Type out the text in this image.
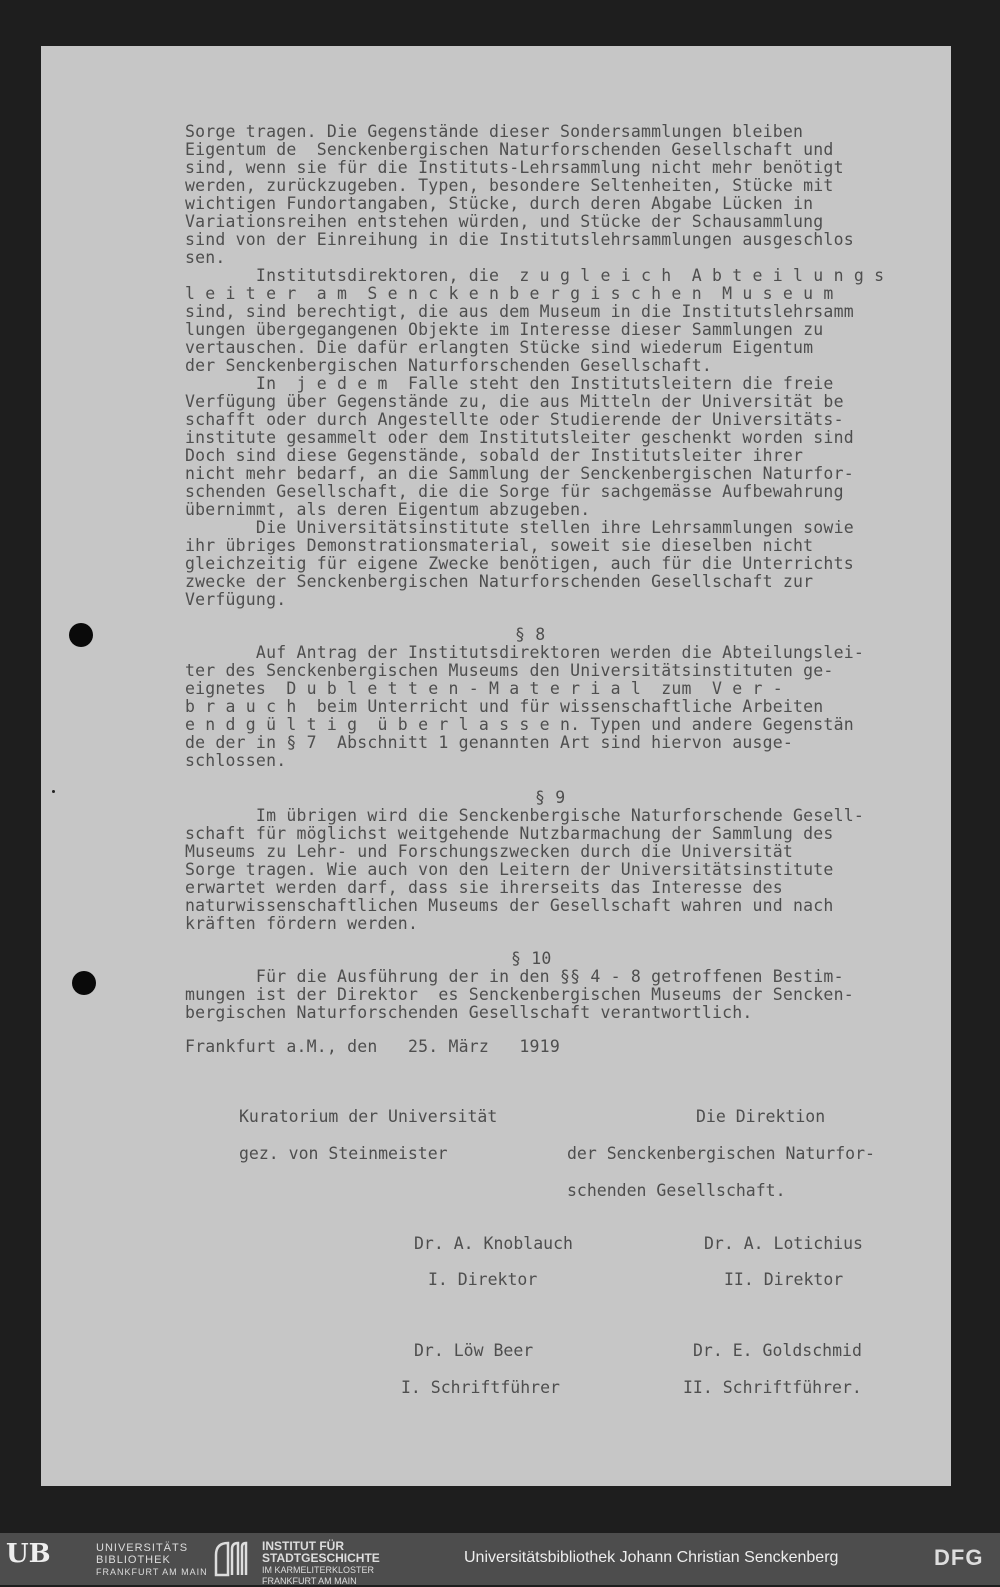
Sorge tragen. Die Gegenstände dieser Sondersammlungen bleiben
Eigentum de  Senckenbergischen Naturforschenden Gesellschaft und
sind, wenn sie für die Instituts-Lehrsammlung nicht mehr benötigt
werden, zurückzugeben. Typen, besondere Seltenheiten, Stücke mit
wichtigen Fundortangaben, Stücke, durch deren Abgabe Lücken in
Variationsreihen entstehen würden, und Stücke der Schausammlung
sind von der Einreihung in die Institutslehrsammlungen ausgeschlos
sen.
Institutsdirektoren, die  z u g l e i c h  A b t e i l u n g s
l e i t e r  a m  S e n c k e n b e r g i s c h e n  M u s e u m
sind, sind berechtigt, die aus dem Museum in die Institutslehrsamm
lungen übergegangenen Objekte im Interesse dieser Sammlungen zu
vertauschen. Die dafür erlangten Stücke sind wiederum Eigentum
der Senckenbergischen Naturforschenden Gesellschaft.
In  j e d e m  Falle steht den Institutsleitern die freie
Verfügung über Gegenstände zu, die aus Mitteln der Universität be
schafft oder durch Angestellte oder Studierende der Universitäts-
institute gesammelt oder dem Institutsleiter geschenkt worden sind
Doch sind diese Gegenstände, sobald der Institutsleiter ihrer
nicht mehr bedarf, an die Sammlung der Senckenbergischen Naturfor-
schenden Gesellschaft, die die Sorge für sachgemässe Aufbewahrung
übernimmt, als deren Eigentum abzugeben.
Die Universitätsinstitute stellen ihre Lehrsammlungen sowie
ihr übriges Demonstrationsmaterial, soweit sie dieselben nicht
gleichzeitig für eigene Zwecke benötigen, auch für die Unterrichts
zwecke der Senckenbergischen Naturforschenden Gesellschaft zur
Verfügung.
§ 8
Auf Antrag der Institutsdirektoren werden die Abteilungslei-
ter des Senckenbergischen Museums den Universitätsinstituten ge-
eignetes  D u b l e t t e n - M a t e r i a l  zum  V e r -
b r a u c h  beim Unterricht und für wissenschaftliche Arbeiten
e n d g ü l t i g  ü b e r l a s s e n. Typen und andere Gegenstän
de der in § 7  Abschnitt 1 genannten Art sind hiervon ausge-
schlossen.
§ 9
Im übrigen wird die Senckenbergische Naturforschende Gesell-
schaft für möglichst weitgehende Nutzbarmachung der Sammlung des
Museums zu Lehr- und Forschungszwecken durch die Universität
Sorge tragen. Wie auch von den Leitern der Universitätsinstitute
erwartet werden darf, dass sie ihrerseits das Interesse des
naturwissenschaftlichen Museums der Gesellschaft wahren und nach
kräften fördern werden.
§ 10
Für die Ausführung der in den §§ 4 - 8 getroffenen Bestim-
mungen ist der Direktor  es Senckenbergischen Museums der Sencken-
bergischen Naturforschenden Gesellschaft verantwortlich.
Frankfurt a.M., den   25. März   1919
Kuratorium der Universität
gez. von Steinmeister
Die Direktion
der Senckenbergischen Naturfor-
schenden Gesellschaft.
Dr. A. Knoblauch
I. Direktor
Dr. A. Lotichius
II. Direktor
Dr. Löw Beer
I. Schriftführer
Dr. E. Goldschmid
II. Schriftführer.
UB	UNIVERSITÄTS
BIBLIOTHEK
FRANKFURT AM MAIN
INSTITUT FÜR
STADTGESCHICHTE
IM KARMELITERKLOSTER
FRANKFURT AM MAIN
Universitätsbibliothek Johann Christian Senckenberg	DFG
